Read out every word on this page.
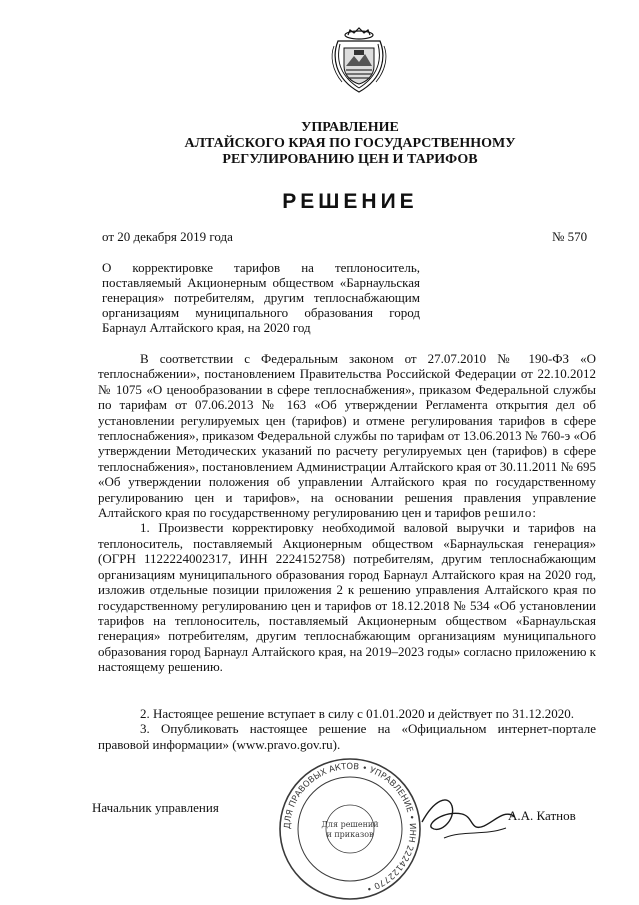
УПРАВЛЕНИЕ
АЛТАЙСКОГО КРАЯ ПО ГОСУДАРСТВЕННОМУ
РЕГУЛИРОВАНИЮ ЦЕН И ТАРИФОВ
РЕШЕНИЕ
от 20 декабря 2019 года	№ 570
О корректировке тарифов на теплоноситель, поставляемый Акционерным обществом «Барнаульская генерация» потребителям, другим теплоснабжающим организациям муниципального образования город Барнаул Алтайского края, на 2020 год

В соответствии с Федеральным законом от 27.07.2010 № 190-ФЗ «О теплоснабжении», постановлением Правительства Российской Федерации от 22.10.2012 № 1075 «О ценообразовании в сфере теплоснабжения», приказом Федеральной службы по тарифам от 07.06.2013 № 163 «Об утверждении Регламента открытия дел об установлении регулируемых цен (тарифов) и отмене регулирования тарифов в сфере теплоснабжения», приказом Федеральной службы по тарифам от 13.06.2013 № 760-э «Об утверждении Методических указаний по расчету регулируемых цен (тарифов) в сфере теплоснабжения», постановлением Администрации Алтайского края от 30.11.2011 № 695 «Об утверждении положения об управлении Алтайского края по государственному регулированию цен и тарифов», на основании решения правления управление Алтайского края по государственному регулированию цен и тарифов решило:

1. Произвести корректировку необходимой валовой выручки и тарифов на теплоноситель, поставляемый Акционерным обществом «Барнаульская генерация» (ОГРН 1122224002317, ИНН 2224152758) потребителям, другим теплоснабжающим организациям муниципального образования город Барнаул Алтайского края на 2020 год, изложив отдельные позиции приложения 2 к решению управления Алтайского края по государственному регулированию цен и тарифов от 18.12.2018 № 534 «Об установлении тарифов на теплоноситель, поставляемый Акционерным обществом «Барнаульская генерация» потребителям, другим теплоснабжающим организациям муниципального образования город Барнаул Алтайского края, на 2019–2023 годы» согласно приложению к настоящему решению.

2. Настоящее решение вступает в силу с 01.01.2020 и действует по 31.12.2020.

3. Опубликовать настоящее решение на «Официальном интернет-портале правовой информации» (www.pravo.gov.ru).

Начальник управления
ДЛЯ ПРАВОВЫХ АКТОВ • УПРАВЛЕНИЕ • ИНН 2224122770 •
Для решений
и приказов
А.А. Катнов
